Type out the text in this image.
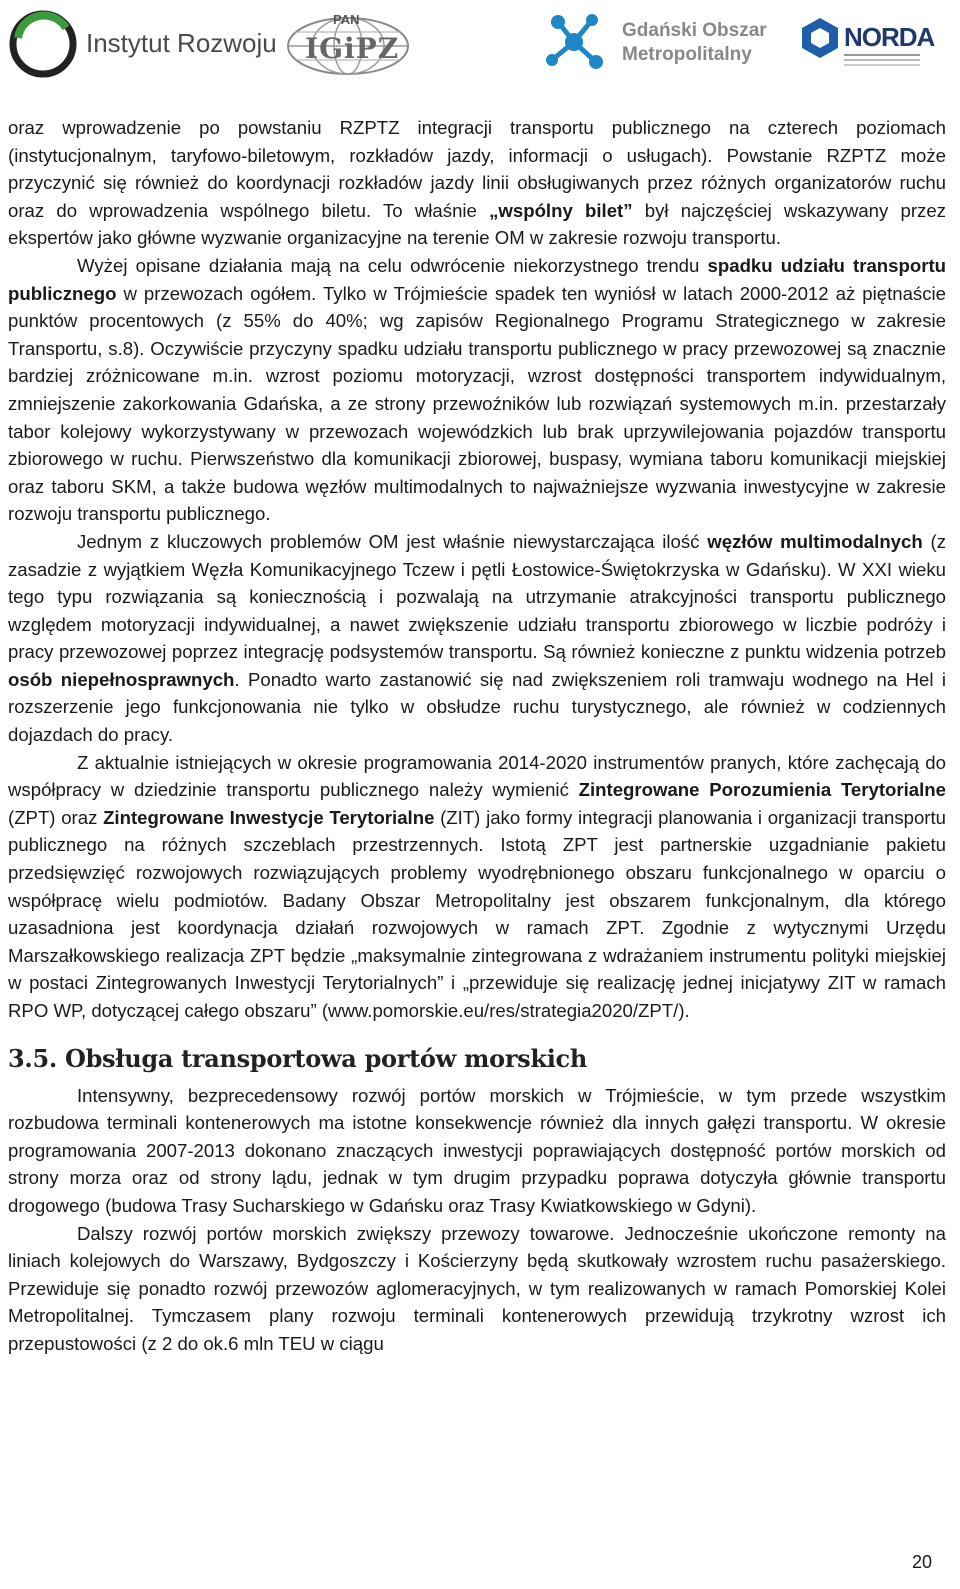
Instytut Rozwoju
PAN
IGiPZ
Gdański Obszar
Metropolitalny
NORDA

oraz wprowadzenie po powstaniu RZPTZ integracji transportu publicznego na czterech poziomach (instytucjonalnym, taryfowo-biletowym, rozkładów jazdy, informacji o usługach). Powstanie RZPTZ może przyczynić się również do koordynacji rozkładów jazdy linii obsługiwanych przez różnych organizatorów ruchu oraz do wprowadzenia wspólnego biletu. To właśnie „wspólny bilet” był najczęściej wskazywany przez ekspertów jako główne wyzwanie organizacyjne na terenie OM w zakresie rozwoju transportu.

Wyżej opisane działania mają na celu odwrócenie niekorzystnego trendu spadku udziału transportu publicznego w przewozach ogółem. Tylko w Trójmieście spadek ten wyniósł w latach 2000-2012 aż piętnaście punktów procentowych (z 55% do 40%; wg zapisów Regionalnego Programu Strategicznego w zakresie Transportu, s.8). Oczywiście przyczyny spadku udziału transportu publicznego w pracy przewozowej są znacznie bardziej zróżnicowane m.in. wzrost poziomu motoryzacji, wzrost dostępności transportem indywidualnym, zmniejszenie zakorkowania Gdańska, a ze strony przewoźników lub rozwiązań systemowych m.in. przestarzały tabor kolejowy wykorzystywany w przewozach wojewódzkich lub brak uprzywilejowania pojazdów transportu zbiorowego w ruchu. Pierwszeństwo dla komunikacji zbiorowej, buspasy, wymiana taboru komunikacji miejskiej oraz taboru SKM, a także budowa węzłów multimodalnych to najważniejsze wyzwania inwestycyjne w zakresie rozwoju transportu publicznego.

Jednym z kluczowych problemów OM jest właśnie niewystarczająca ilość węzłów multimodalnych (z zasadzie z wyjątkiem Węzła Komunikacyjnego Tczew i pętli Łostowice-Świętokrzyska w Gdańsku). W XXI wieku tego typu rozwiązania są koniecznością i pozwalają na utrzymanie atrakcyjności transportu publicznego względem motoryzacji indywidualnej, a nawet zwiększenie udziału transportu zbiorowego w liczbie podróży i pracy przewozowej poprzez integrację podsystemów transportu. Są również konieczne z punktu widzenia potrzeb osób niepełnosprawnych. Ponadto warto zastanowić się nad zwiększeniem roli tramwaju wodnego na Hel i rozszerzenie jego funkcjonowania nie tylko w obsłudze ruchu turystycznego, ale również w codziennych dojazdach do pracy.

Z aktualnie istniejących w okresie programowania 2014-2020 instrumentów pranych, które zachęcają do współpracy w dziedzinie transportu publicznego należy wymienić Zintegrowane Porozumienia Terytorialne (ZPT) oraz Zintegrowane Inwestycje Terytorialne (ZIT) jako formy integracji planowania i organizacji transportu publicznego na różnych szczeblach przestrzennych. Istotą ZPT jest partnerskie uzgadnianie pakietu przedsięwzięć rozwojowych rozwiązujących problemy wyodrębnionego obszaru funkcjonalnego w oparciu o współpracę wielu podmiotów. Badany Obszar Metropolitalny jest obszarem funkcjonalnym, dla którego uzasadniona jest koordynacja działań rozwojowych w ramach ZPT. Zgodnie z wytycznymi Urzędu Marszałkowskiego realizacja ZPT będzie „maksymalnie zintegrowana z wdrażaniem instrumentu polityki miejskiej w postaci Zintegrowanych Inwestycji Terytorialnych” i „przewiduje się realizację jednej inicjatywy ZIT w ramach RPO WP, dotyczącej całego obszaru” (www.pomorskie.eu/res/strategia2020/ZPT/).

3.5. Obsługa transportowa portów morskich

Intensywny, bezprecedensowy rozwój portów morskich w Trójmieście, w tym przede wszystkim rozbudowa terminali kontenerowych ma istotne konsekwencje również dla innych gałęzi transportu. W okresie programowania 2007-2013 dokonano znaczących inwestycji poprawiających dostępność portów morskich od strony morza oraz od strony lądu, jednak w tym drugim przypadku poprawa dotyczyła głównie transportu drogowego (budowa Trasy Sucharskiego w Gdańsku oraz Trasy Kwiatkowskiego w Gdyni).

Dalszy rozwój portów morskich zwiększy przewozy towarowe. Jednocześnie ukończone remonty na liniach kolejowych do Warszawy, Bydgoszczy i Kościerzyny będą skutkowały wzrostem ruchu pasażerskiego. Przewiduje się ponadto rozwój przewozów aglomeracyjnych, w tym realizowanych w ramach Pomorskiej Kolei Metropolitalnej. Tymczasem plany rozwoju terminali kontenerowych przewidują trzykrotny wzrost ich przepustowości (z 2 do ok.6 mln TEU w ciągu

20
